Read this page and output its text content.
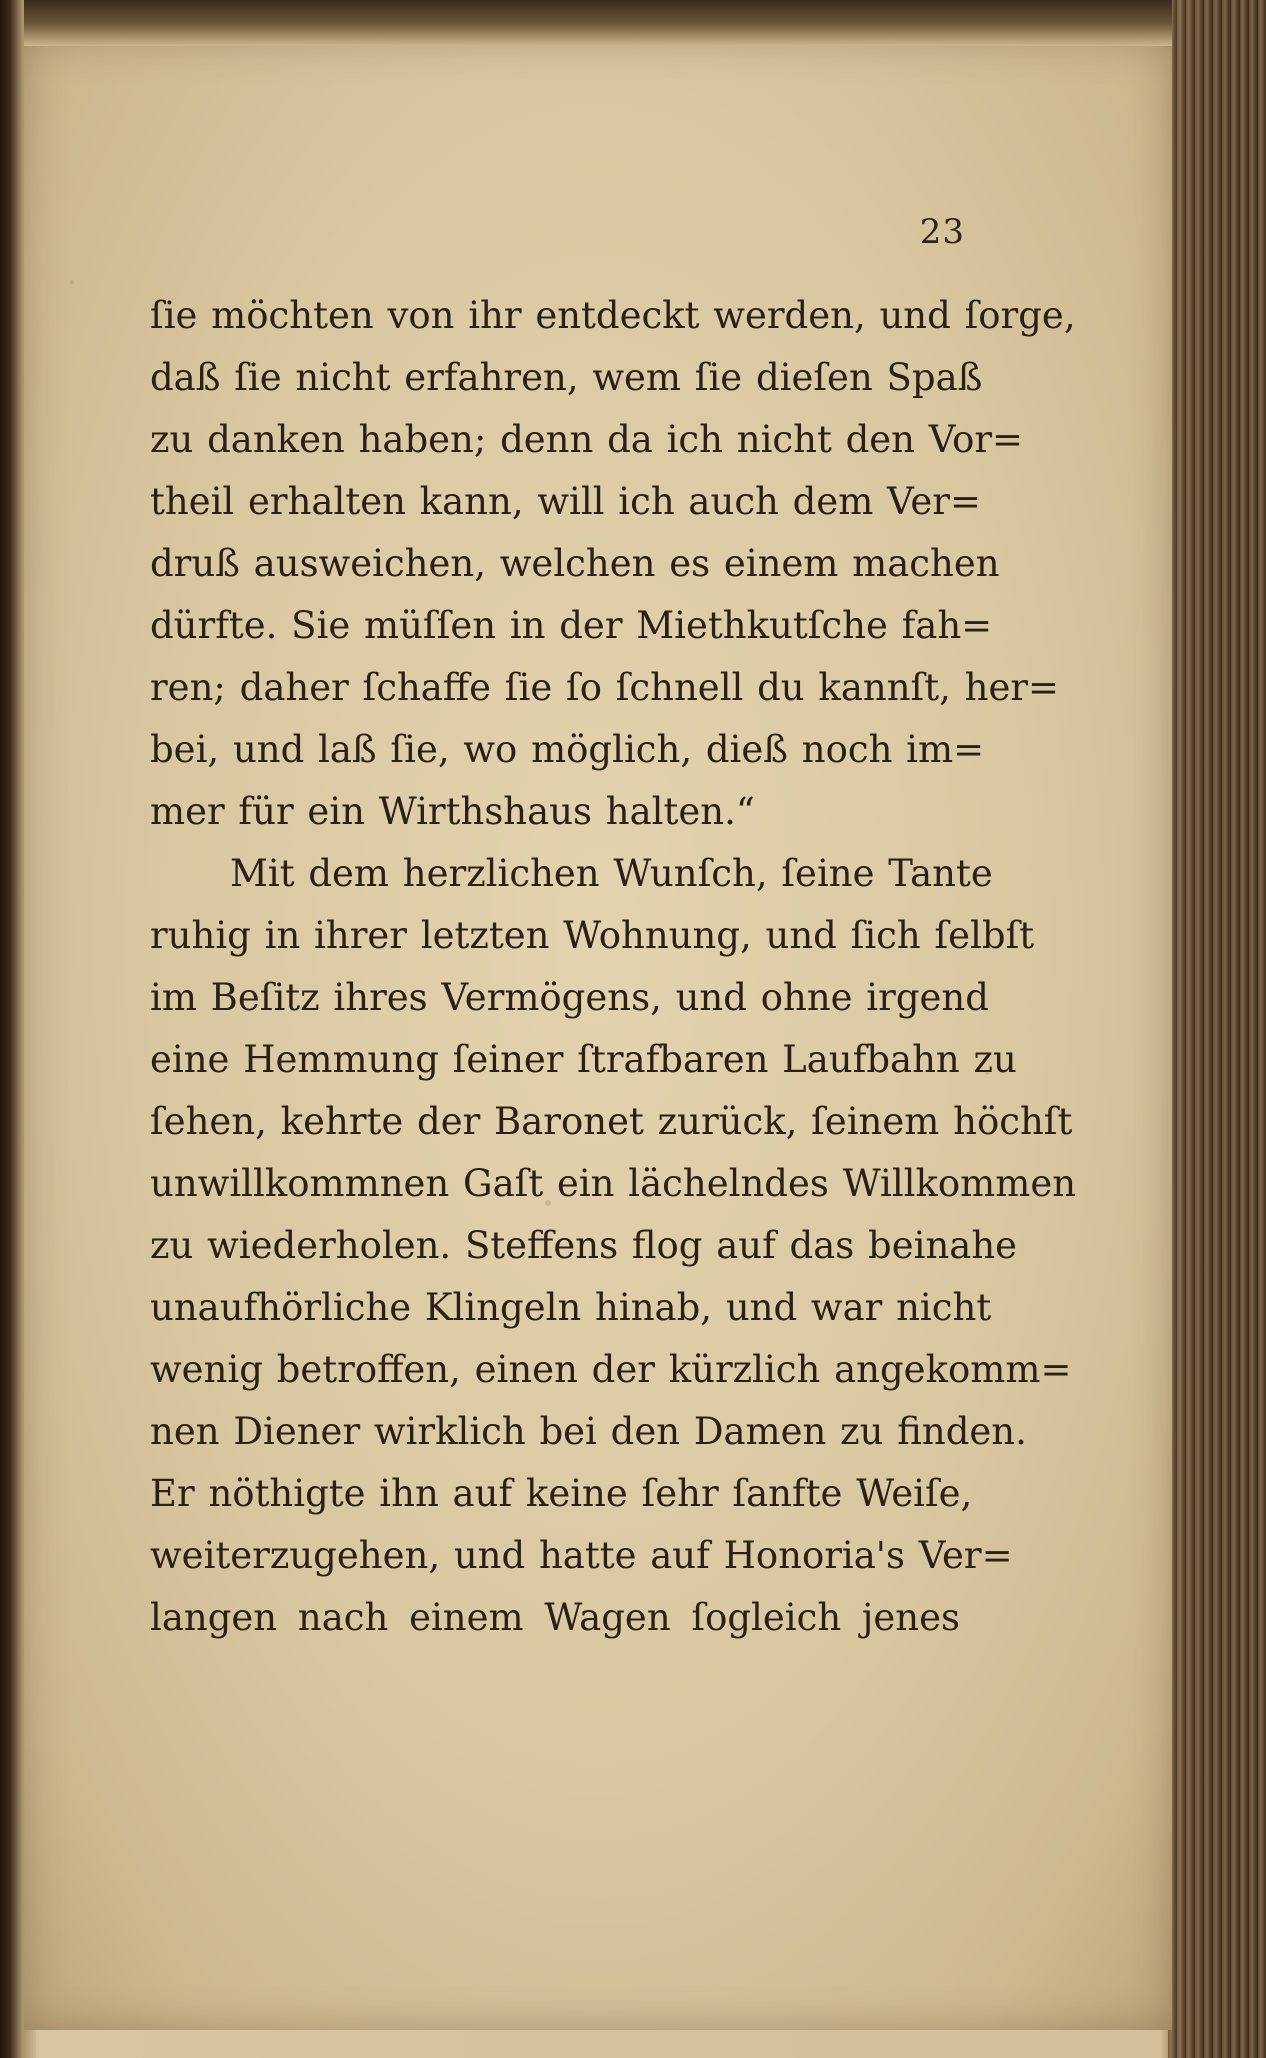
23
ſie möchten von ihr entdeckt werden, und ſorge,
daß ſie nicht erfahren, wem ſie dieſen Spaß
zu danken haben; denn da ich nicht den Vor=
theil erhalten kann, will ich auch dem Ver=
druß ausweichen, welchen es einem machen
dürfte. Sie müſſen in der Miethkutſche fah=
ren; daher ſchaffe ſie ſo ſchnell du kannſt, her=
bei, und laß ſie, wo möglich, dieß noch im=
mer für ein Wirthshaus halten.“
Mit dem herzlichen Wunſch, ſeine Tante
ruhig in ihrer letzten Wohnung, und ſich ſelbſt
im Beſitz ihres Vermögens, und ohne irgend
eine Hemmung ſeiner ſtrafbaren Laufbahn zu
ſehen, kehrte der Baronet zurück, ſeinem höchſt
unwillkommnen Gaſt ein lächelndes Willkommen
zu wiederholen. Steffens flog auf das beinahe
unaufhörliche Klingeln hinab, und war nicht
wenig betroffen, einen der kürzlich angekomm=
nen Diener wirklich bei den Damen zu finden.
Er nöthigte ihn auf keine ſehr ſanfte Weiſe,
weiterzugehen, und hatte auf Honoria's Ver=
langen nach einem Wagen ſogleich jenes
